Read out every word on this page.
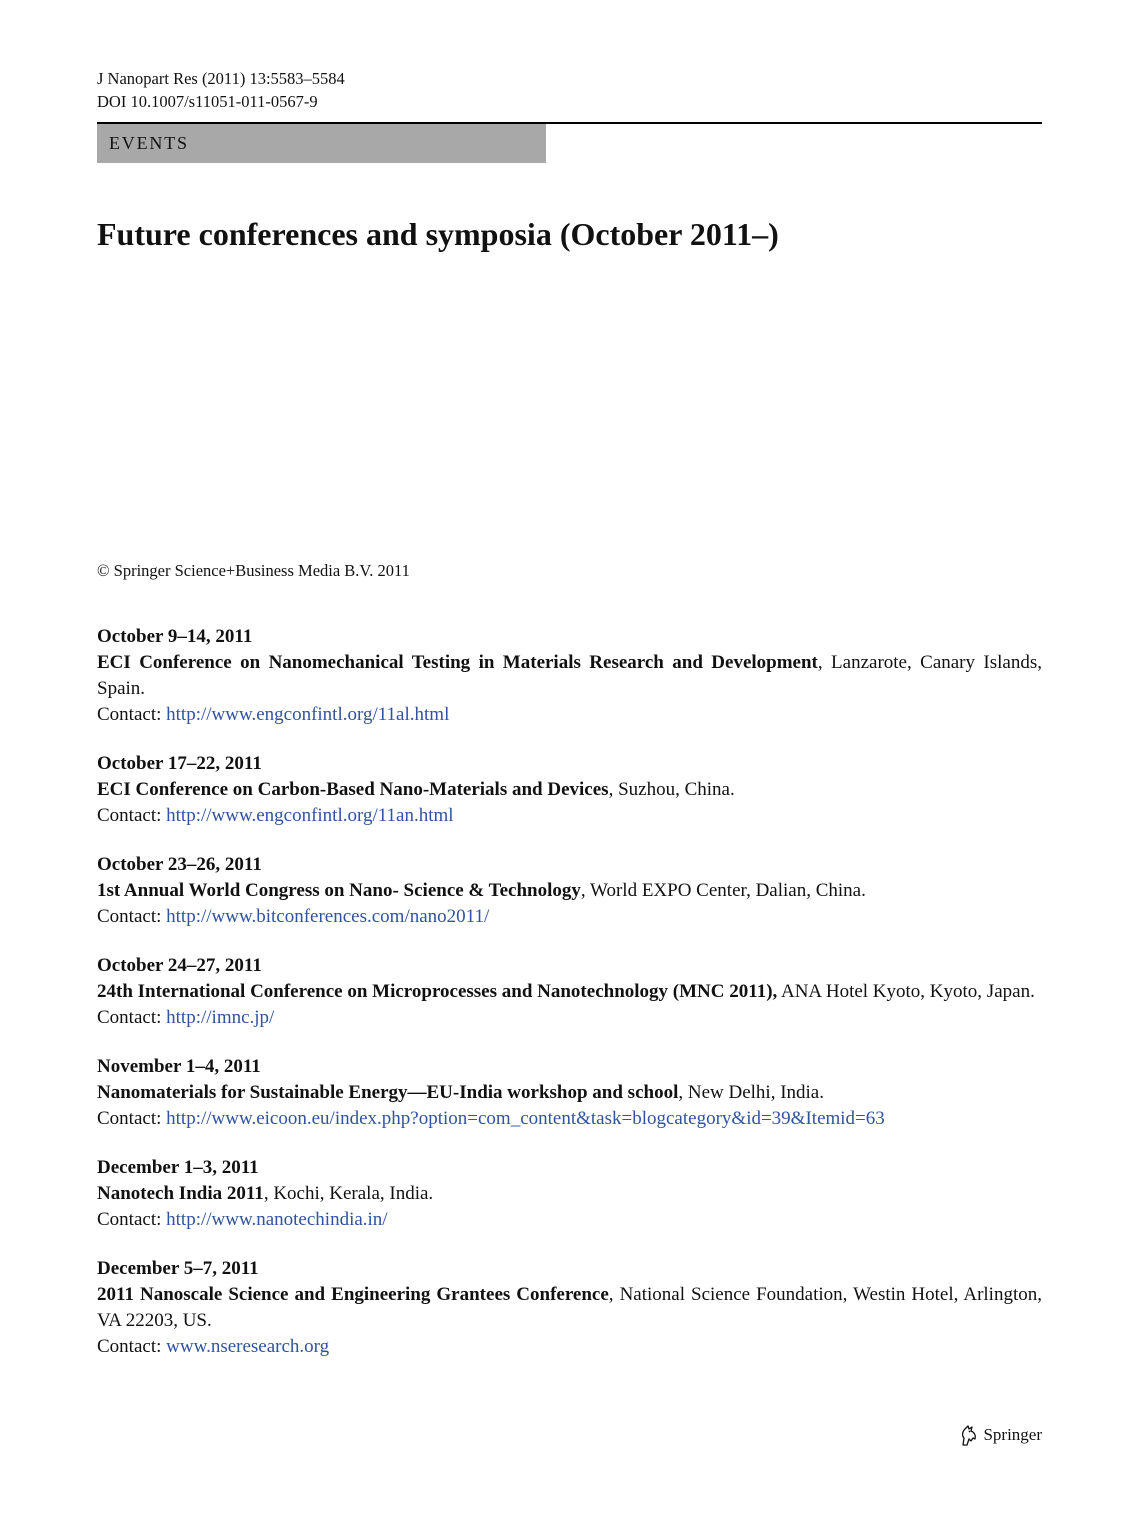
J Nanopart Res (2011) 13:5583–5584
DOI 10.1007/s11051-011-0567-9
EVENTS
Future conferences and symposia (October 2011–)
© Springer Science+Business Media B.V. 2011
October 9–14, 2011
ECI Conference on Nanomechanical Testing in Materials Research and Development, Lanzarote, Canary Islands, Spain.
Contact: http://www.engconfintl.org/11al.html
October 17–22, 2011
ECI Conference on Carbon-Based Nano-Materials and Devices, Suzhou, China.
Contact: http://www.engconfintl.org/11an.html
October 23–26, 2011
1st Annual World Congress on Nano- Science & Technology, World EXPO Center, Dalian, China.
Contact: http://www.bitconferences.com/nano2011/
October 24–27, 2011
24th International Conference on Microprocesses and Nanotechnology (MNC 2011), ANA Hotel Kyoto, Kyoto, Japan.
Contact: http://imnc.jp/
November 1–4, 2011
Nanomaterials for Sustainable Energy—EU-India workshop and school, New Delhi, India.
Contact: http://www.eicoon.eu/index.php?option=com_content&task=blogcategory&id=39&Itemid=63
December 1–3, 2011
Nanotech India 2011, Kochi, Kerala, India.
Contact: http://www.nanotechindia.in/
December 5–7, 2011
2011 Nanoscale Science and Engineering Grantees Conference, National Science Foundation, Westin Hotel, Arlington, VA 22203, US.
Contact: www.nseresearch.org
Springer
